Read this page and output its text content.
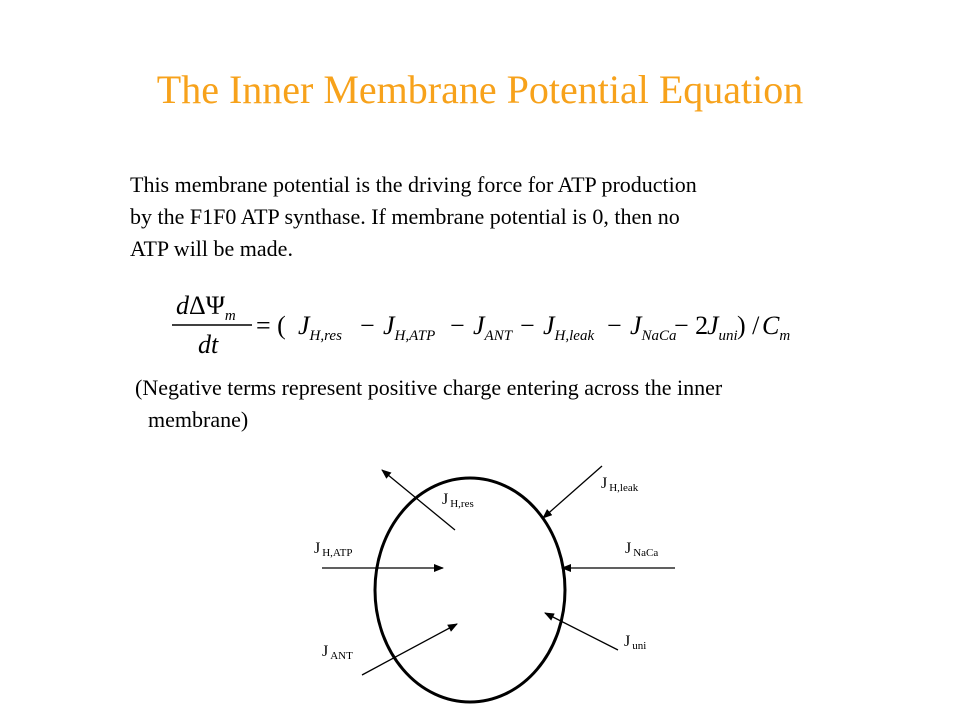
The Inner Membrane Potential Equation
This membrane potential is the driving force for ATP production
by the F1F0 ATP synthase. If membrane potential is 0, then no
ATP will be made.
dΔΨ$_m$
dt
= ( $J_{H,res} - J_{H,ATP} - J_{ANT} - J_{H,leak} - J_{NaCa}$
− 2
$J_{uni}$ ) / $C_m$
(Negative terms represent positive charge entering across the inner
membrane)
J H,res
J H,leak
J H,ATP	J NaCa
J ANT
J uni
